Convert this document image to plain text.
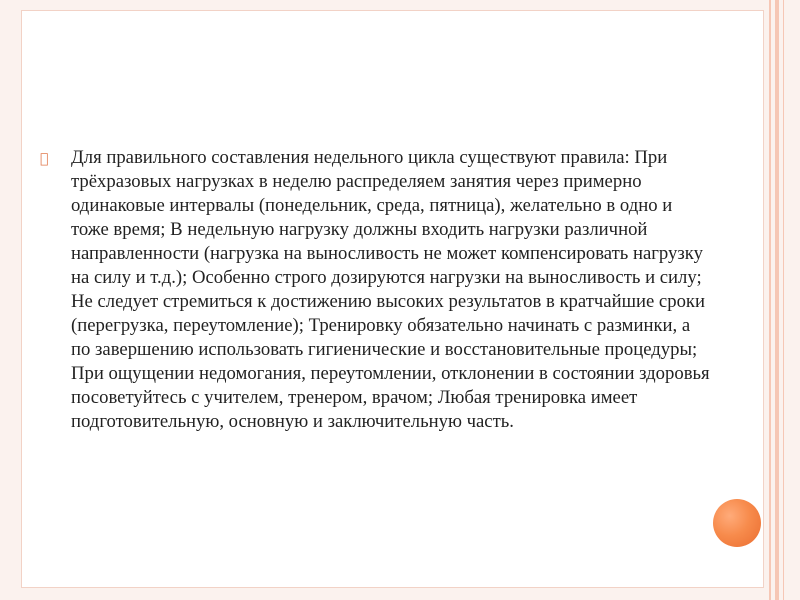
Для правильного составления недельного цикла существуют правила: При трёхразовых нагрузках в неделю распределяем занятия через примерно одинаковые интервалы (понедельник, среда, пятница), желательно в одно и тоже время; В недельную нагрузку должны входить нагрузки различной направленности (нагрузка на выносливость не может компенсировать нагрузку на силу и т.д.); Особенно строго дозируются нагрузки на выносливость и силу; Не следует стремиться к достижению высоких результатов в кратчайшие сроки (перегрузка, переутомление); Тренировку обязательно начинать с разминки, а по завершению использовать гигиенические и восстановительные процедуры; При ощущении недомогания, переутомлении, отклонении в состоянии здоровья посоветуйтесь с учителем, тренером, врачом; Любая тренировка имеет подготовительную, основную и заключительную часть.
